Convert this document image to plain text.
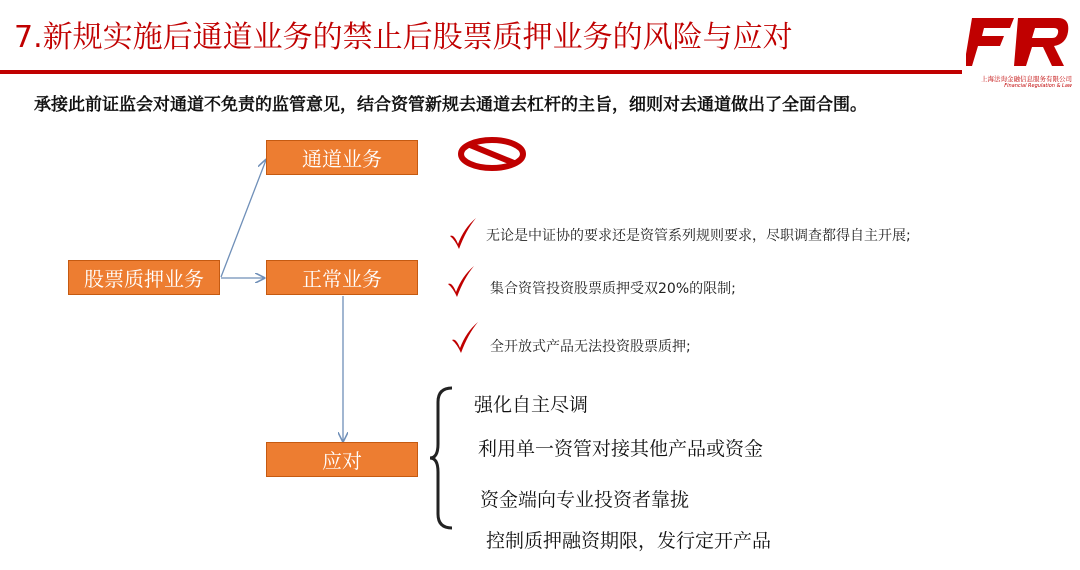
7.新规实施后通道业务的禁止后股票质押业务的风险与应对
上海法询金融信息服务有限公司
Financial Regulation & Law
承接此前证监会对通道不免责的监管意见，结合资管新规去通道去杠杆的主旨，细则对去通道做出了全面合围。
股票质押业务
通道业务
正常业务
应对
无论是中证协的要求还是资管系列规则要求，尽职调查都得自主开展;
集合资管投资股票质押受双20%的限制;
全开放式产品无法投资股票质押;
强化自主尽调
利用单一资管对接其他产品或资金
资金端向专业投资者靠拢
控制质押融资期限，发行定开产品
